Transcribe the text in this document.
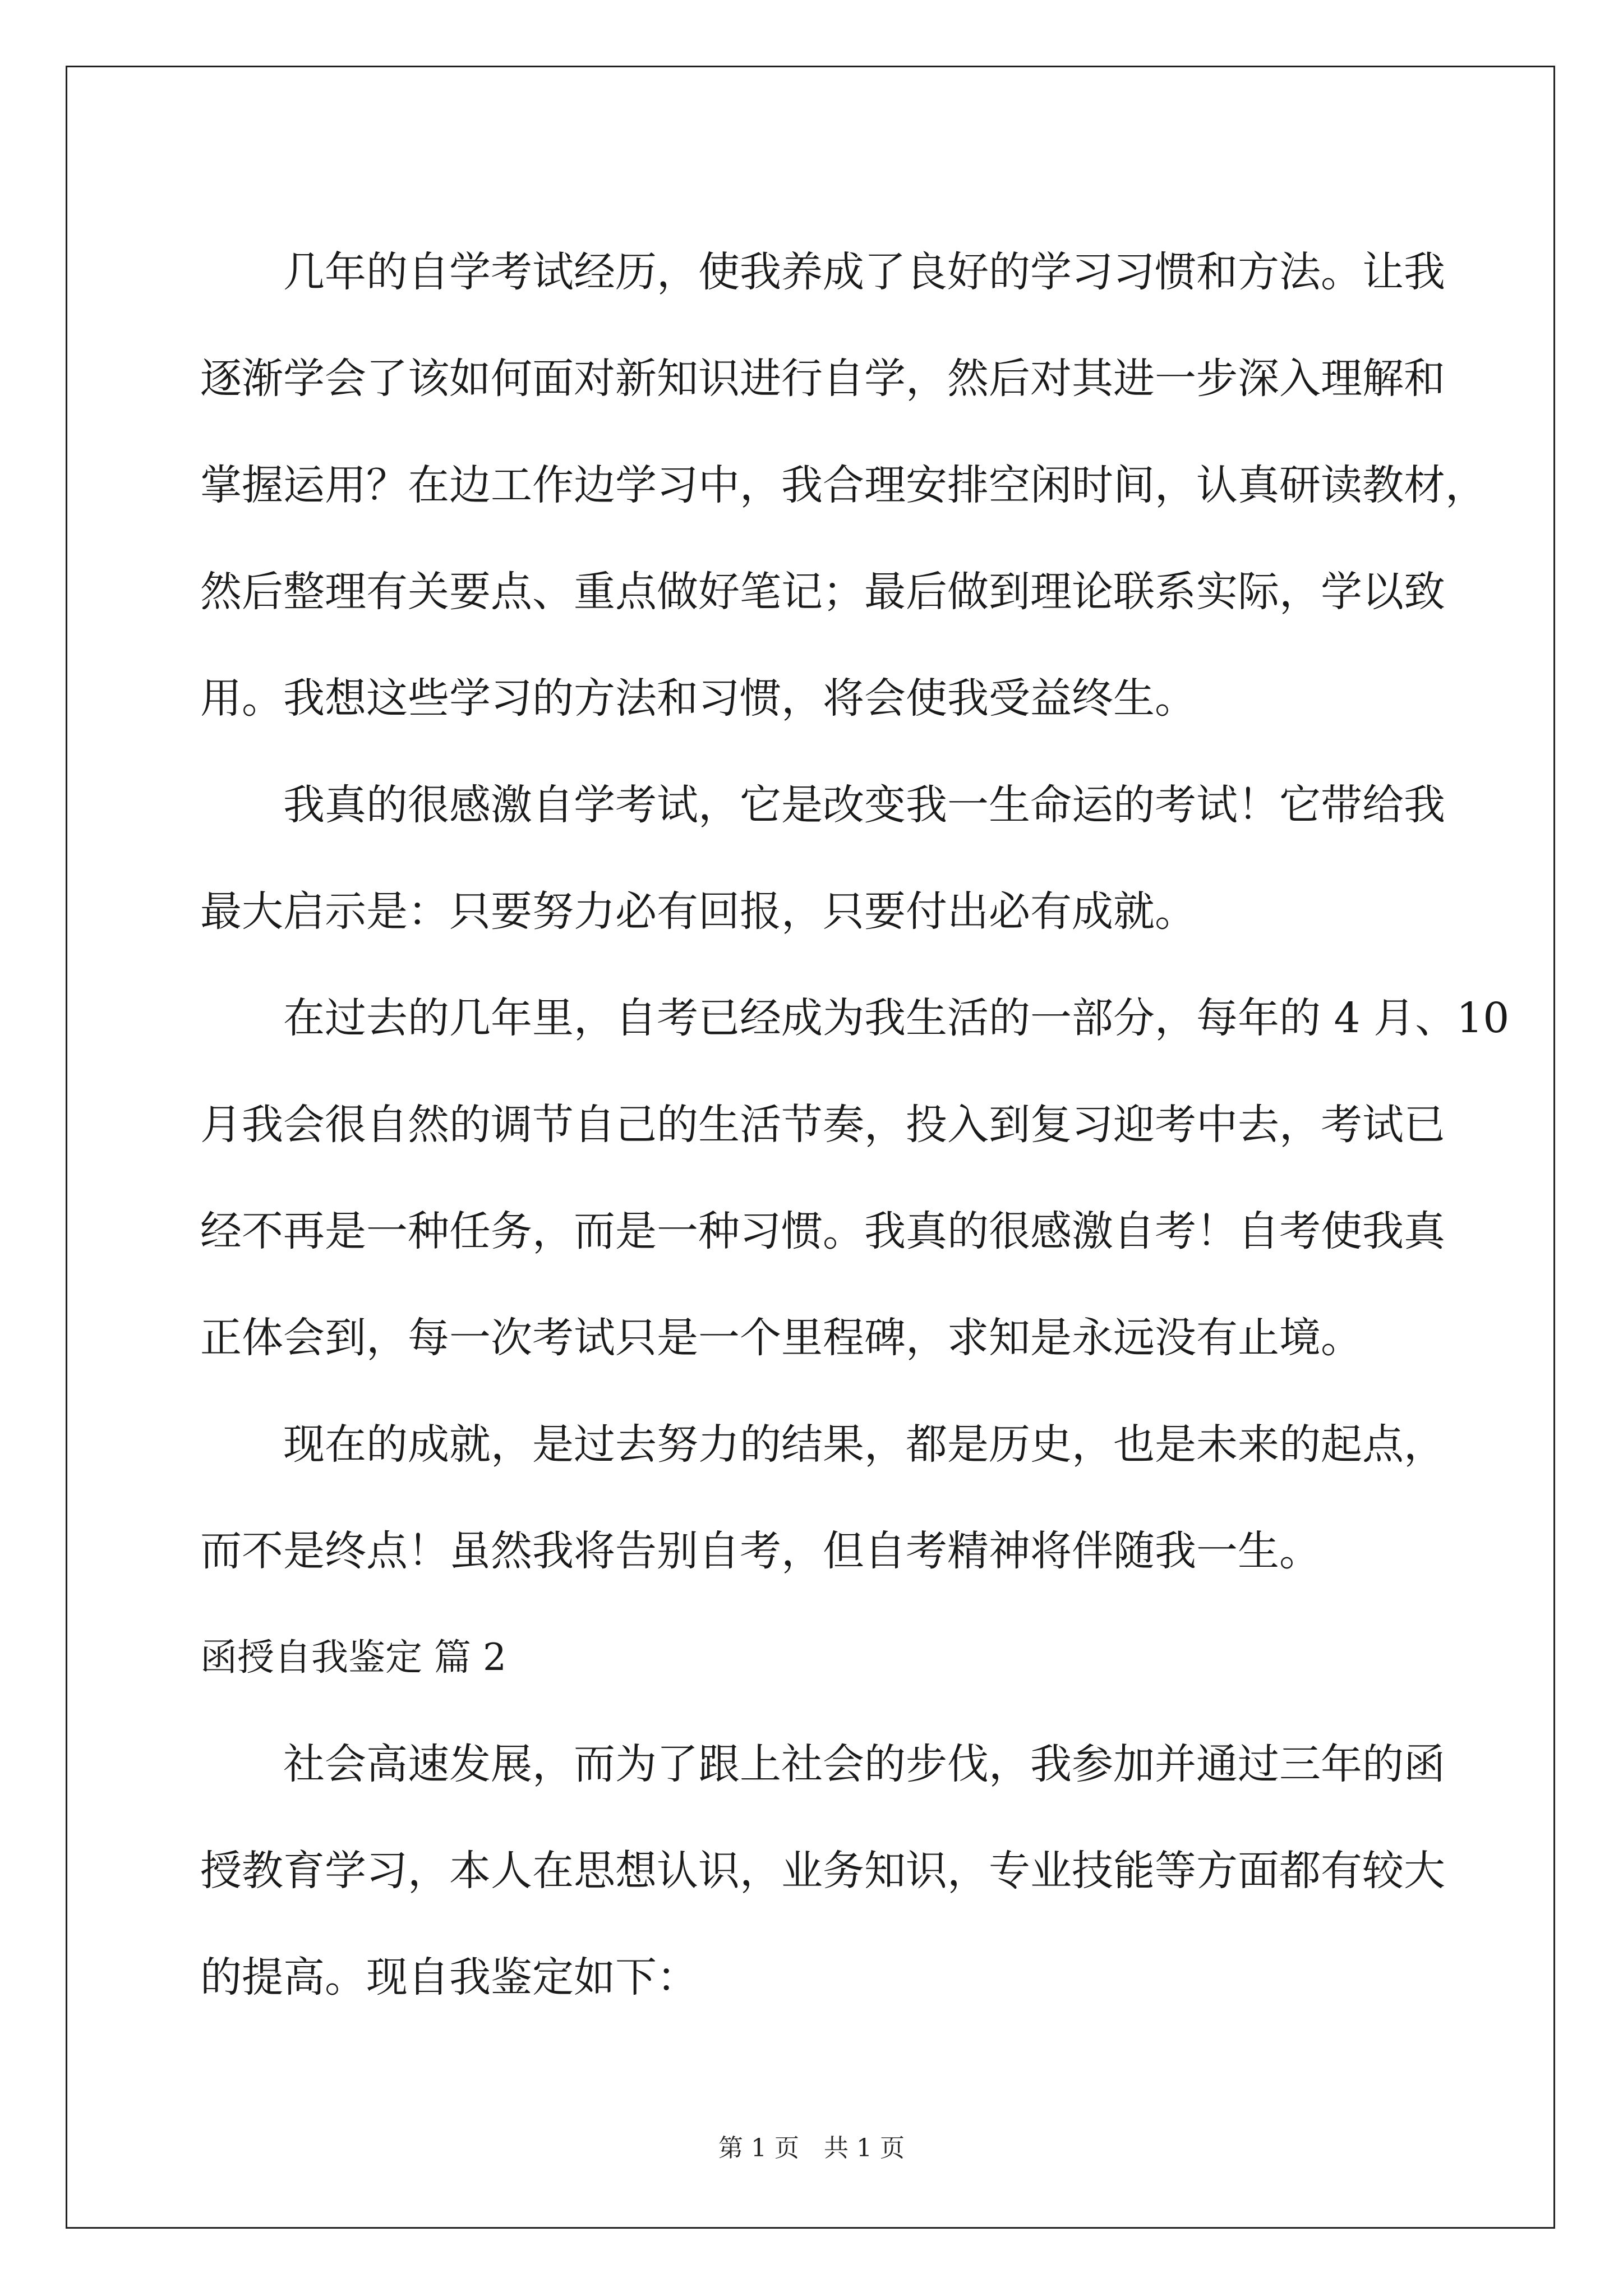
几年的自学考试经历，使我养成了良好的学习习惯和方法。让我
逐渐学会了该如何面对新知识进行自学，然后对其进一步深入理解和
掌握运用？在边工作边学习中，我合理安排空闲时间，认真研读教材，
然后整理有关要点、重点做好笔记；最后做到理论联系实际，学以致
用。我想这些学习的方法和习惯，将会使我受益终生。
我真的很感激自学考试，它是改变我一生命运的考试！它带给我
最大启示是：只要努力必有回报，只要付出必有成就。
在过去的几年里，自考已经成为我生活的一部分，每年的 4 月、10
月我会很自然的调节自己的生活节奏，投入到复习迎考中去，考试已
经不再是一种任务，而是一种习惯。我真的很感激自考！自考使我真
正体会到，每一次考试只是一个里程碑，求知是永远没有止境。
现在的成就，是过去努力的结果，都是历史，也是未来的起点，
而不是终点！虽然我将告别自考，但自考精神将伴随我一生。
函授自我鉴定 篇 2
社会高速发展，而为了跟上社会的步伐，我参加并通过三年的函
授教育学习，本人在思想认识，业务知识，专业技能等方面都有较大
的提高。现自我鉴定如下：
第 1 页　共 1 页
